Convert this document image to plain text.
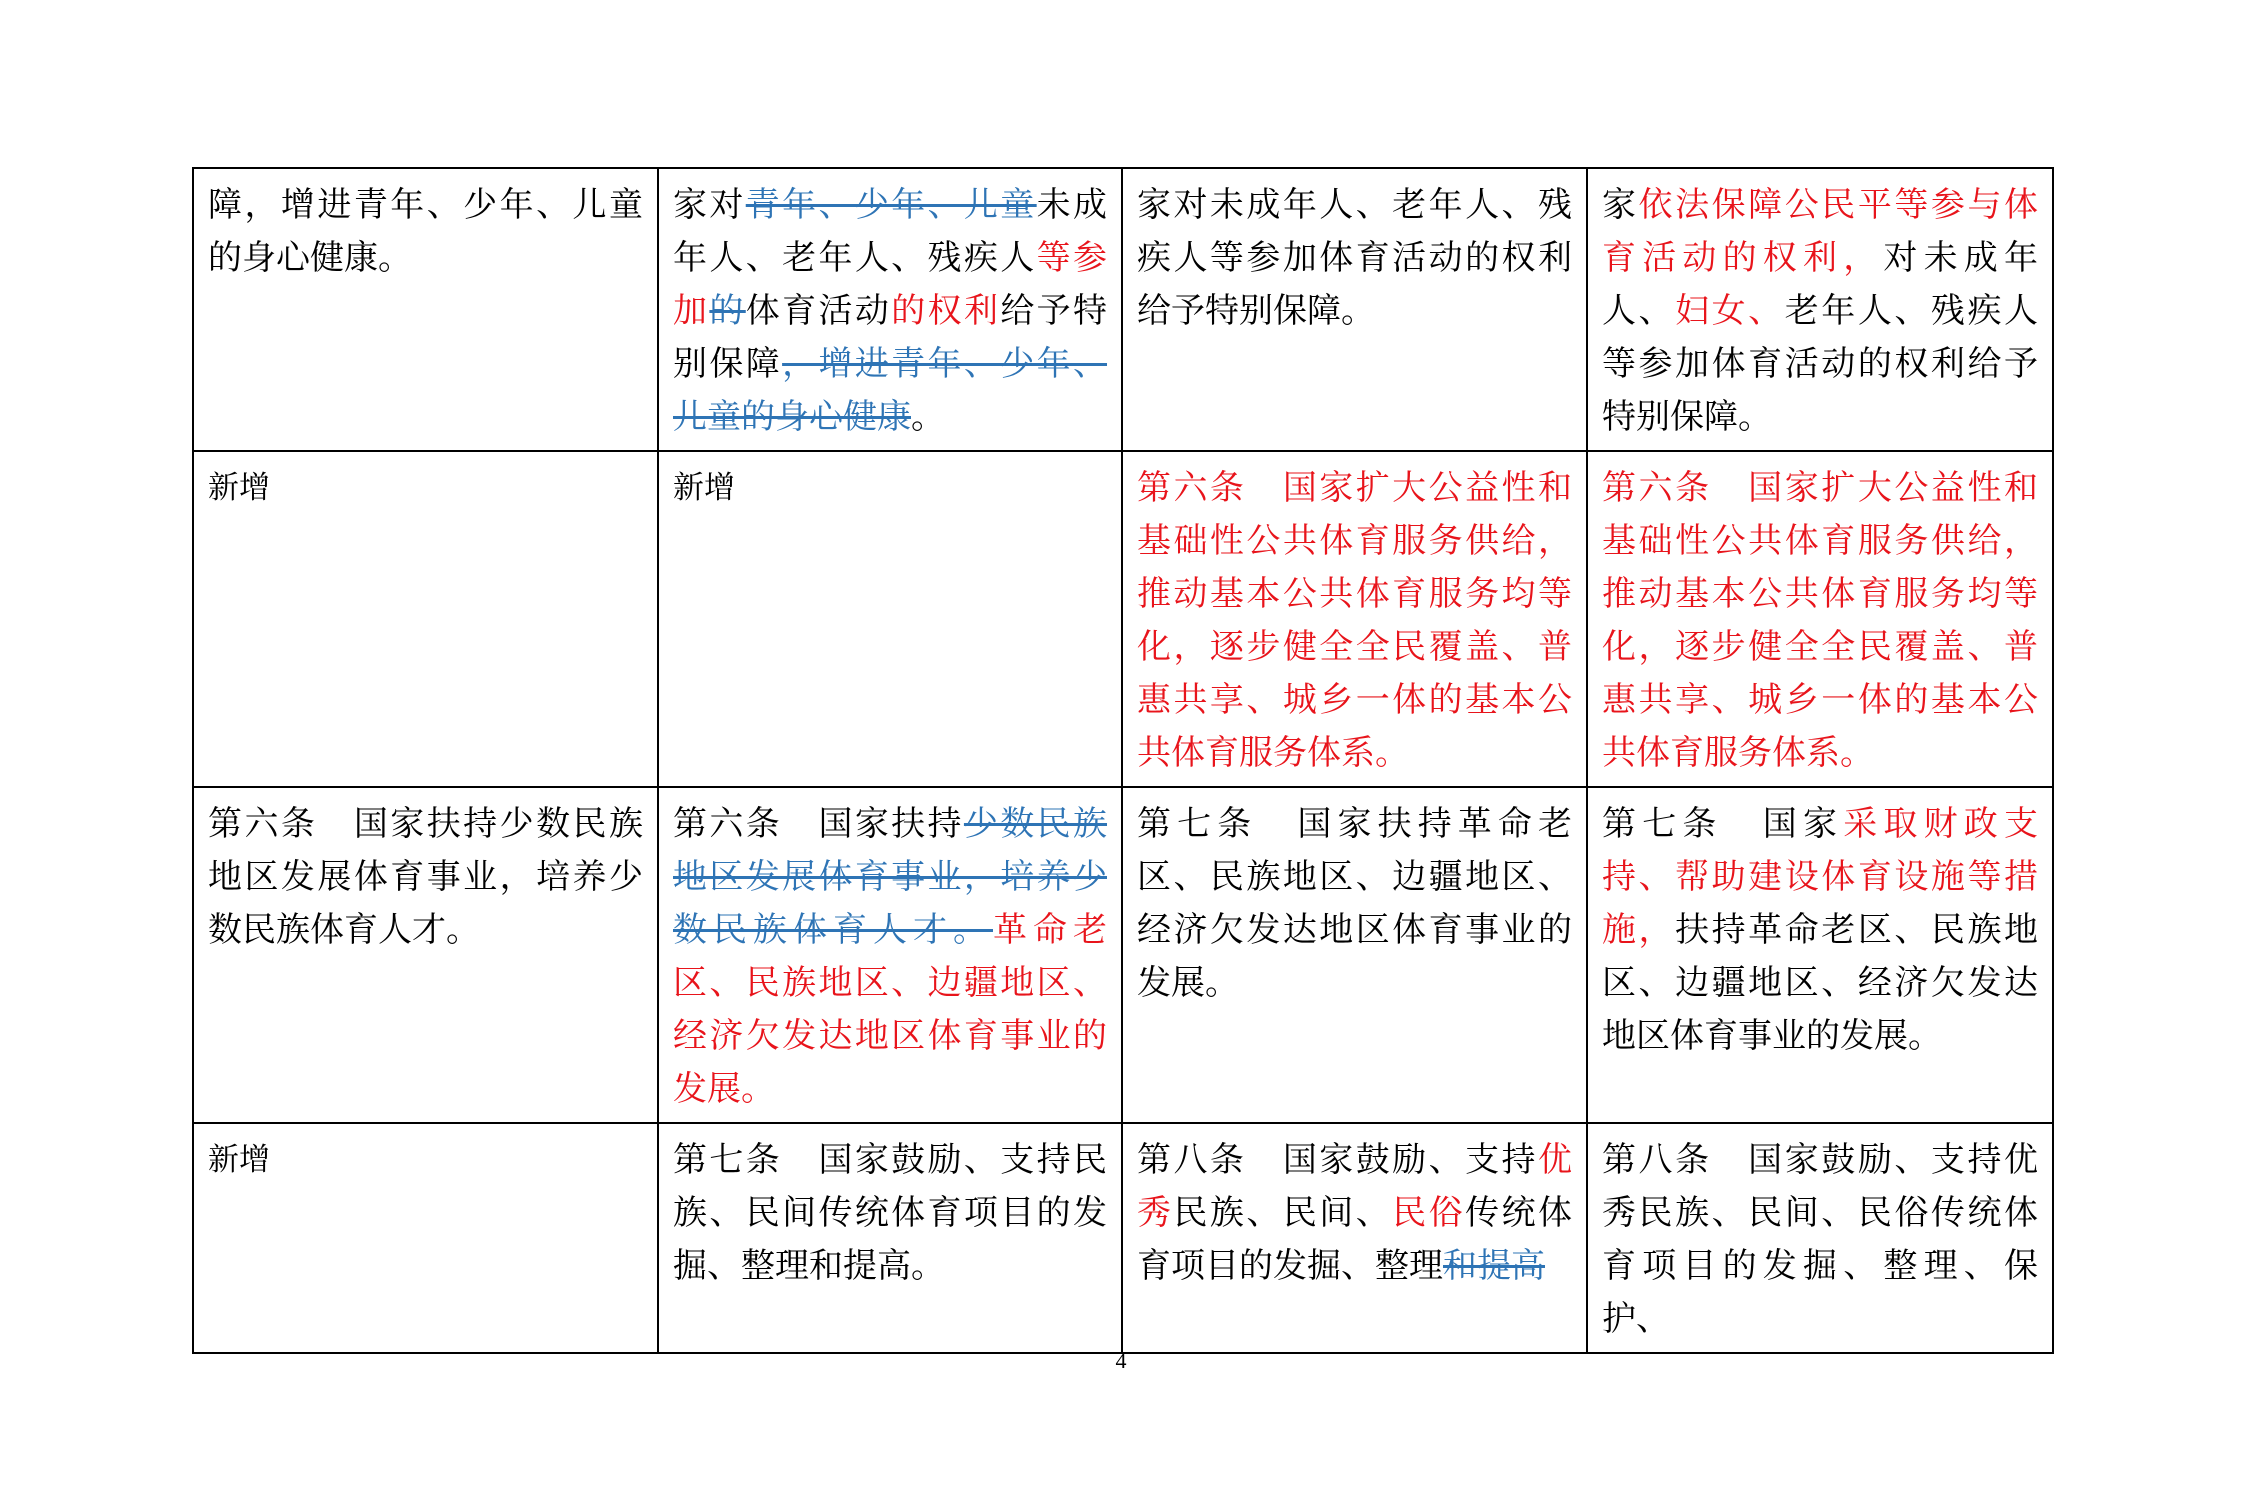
障，增进青年、少年、儿童的身心健康。	家对青年、少年、儿童未成年人、老年人、残疾人等参加的体育活动的权利给予特别保障，增进青年、少年、儿童的身心健康。	家对未成年人、老年人、残疾人等参加体育活动的权利给予特别保障。	家依法保障公民平等参与体育活动的权利，对未成年人、妇女、老年人、残疾人等参加体育活动的权利给予特别保障。
新增	新增	第六条　国家扩大公益性和基础性公共体育服务供给，推动基本公共体育服务均等化，逐步健全全民覆盖、普惠共享、城乡一体的基本公共体育服务体系。	第六条　国家扩大公益性和基础性公共体育服务供给，推动基本公共体育服务均等化，逐步健全全民覆盖、普惠共享、城乡一体的基本公共体育服务体系。
第六条　国家扶持少数民族地区发展体育事业，培养少数民族体育人才。	第六条　国家扶持少数民族地区发展体育事业，培养少数民族体育人才。革命老区、民族地区、边疆地区、经济欠发达地区体育事业的发展。	第七条　国家扶持革命老区、民族地区、边疆地区、经济欠发达地区体育事业的发展。	第七条　国家采取财政支持、帮助建设体育设施等措施，扶持革命老区、民族地区、边疆地区、经济欠发达地区体育事业的发展。
新增	第七条　国家鼓励、支持民族、民间传统体育项目的发掘、整理和提高。	第八条　国家鼓励、支持优秀民族、民间、民俗传统体育项目的发掘、整理和提高	第八条　国家鼓励、支持优秀民族、民间、民俗传统体育项目的发掘、整理、保护、
4
